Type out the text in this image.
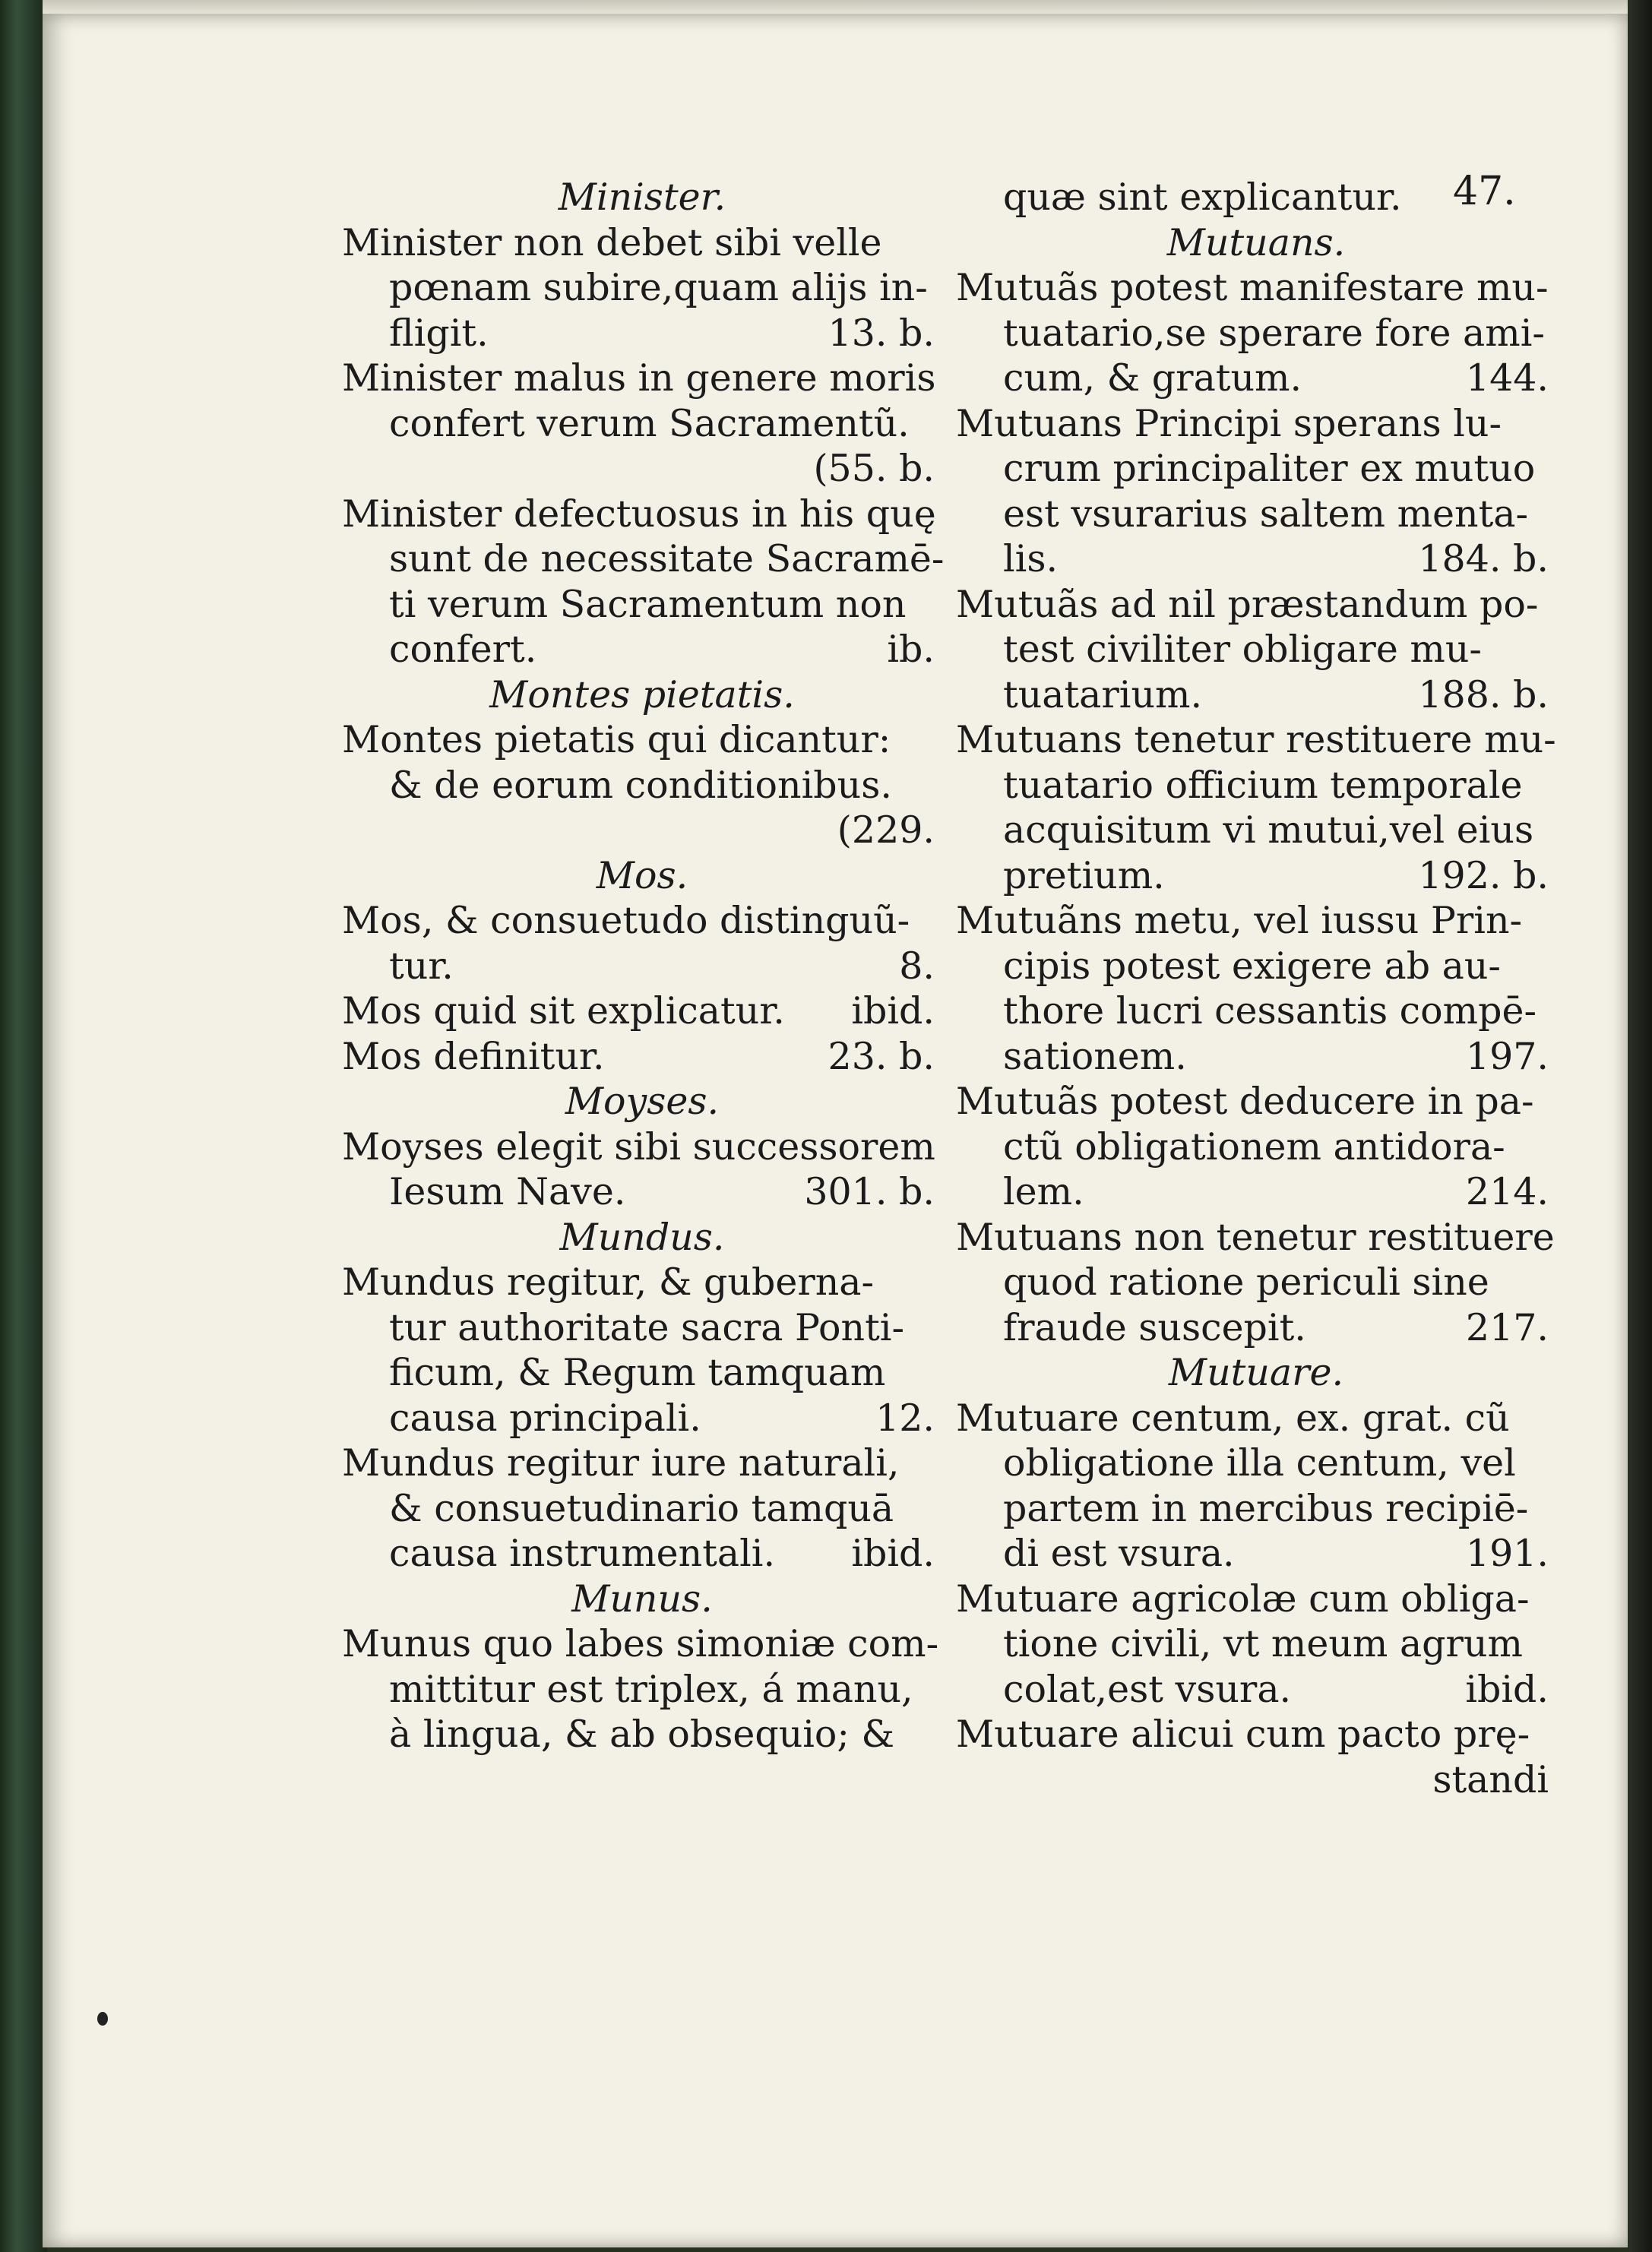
47.
Minister.
Minister non debet sibi velle
pœnam subire,quam alijs in-
fligit.	13. b.
Minister malus in genere moris
confert verum Sacramentũ.
(55. b.
Minister defectuosus in his quę
sunt de necessitate Sacramē-
ti verum Sacramentum non
confert.	ib.
Montes pietatis.
Montes pietatis qui dicantur:
& de eorum conditionibus.
(229.
Mos.
Mos, & consuetudo distinguũ-
tur.	8.
Mos quid sit explicatur. ibid.
Mos definitur.	23. b.
Moyses.
Moyses elegit sibi successorem
Iesum Nave.	301. b.
Mundus.
Mundus regitur, & guberna-
tur authoritate sacra Ponti-
ficum, & Regum tamquam
causa principali.	12.
Mundus regitur iure naturali,
& consuetudinario tamquā
causa instrumentali. ibid.
Munus.
Munus quo labes simoniæ com-
mittitur est triplex, á manu,
à lingua, & ab obsequio; &
quæ sint explicantur.
Mutuans.
Mutuãs potest manifestare mu-
tuatario,se sperare fore ami-
cum, & gratum.	144.
Mutuans Principi sperans lu-
crum principaliter ex mutuo
est vsurarius saltem menta-
lis.	184. b.
Mutuãs ad nil præstandum po-
test civiliter obligare mu-
tuatarium.	188. b.
Mutuans tenetur restituere mu-
tuatario officium temporale
acquisitum vi mutui,vel eius
pretium.	192. b.
Mutuãns metu, vel iussu Prin-
cipis potest exigere ab au-
thore lucri cessantis compē-
sationem.	197.
Mutuãs potest deducere in pa-
ctũ obligationem antidora-
lem.	214.
Mutuans non tenetur restituere
quod ratione periculi sine
fraude suscepit.	217.
Mutuare.
Mutuare centum, ex. grat. cũ
obligatione illa centum, vel
partem in mercibus recipiē-
di est vsura.	191.
Mutuare agricolæ cum obliga-
tione civili, vt meum agrum
colat,est vsura.	ibid.
Mutuare alicui cum pacto prę-
standi
